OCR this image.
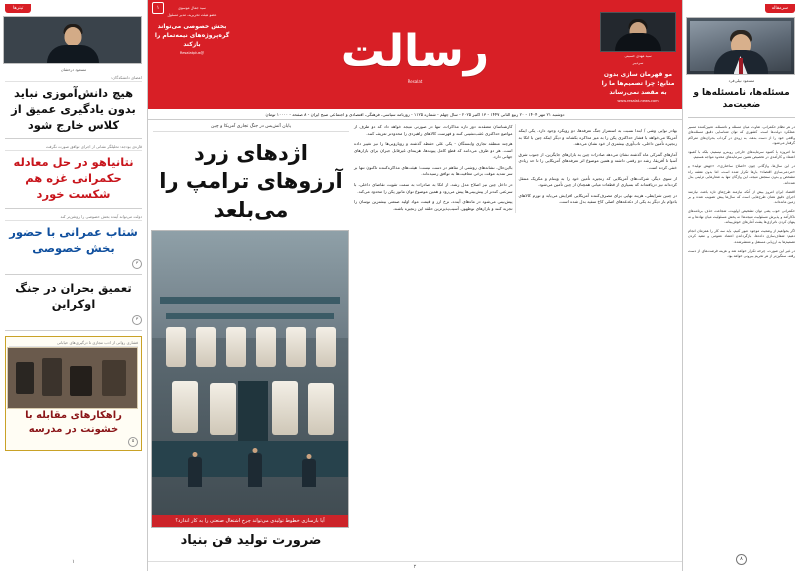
تیترها
مسعود درخشان
اعضای دانشکدگان:
هیچ دانش‌آموزی نباید بدون یادگیری عمیق از کلاس خارج شود
قاره‌ی بودجه: تحلیلگر نشانی از اجرای توافق صورت نگرفت
نتانیاهو در حل معادله حکمرانی غزه هم شکست خورد
دولت می‌تواند آینده بخش خصوصی را روشن‌تر کند
شتاب عمرانی با حضور بخش خصوصی
۳
تعمیق بحران در جنگ اوکراین
۳
فشاری روانی از ادب مجازی تا درگیری‌های خیابانی
راهکارهای مقابله با خشونت در مدرسه
۵
۱
سید جمال موسوی
عضو هیئت تحریریه، مدیر مسئول
بخش خصوصی می‌تواند گره‌پروژه‌های نیمه‌تمام را بازکند
@Resalatplus	رسالت
Resalat
سید مهدی حسینی
سردبیر
مو قهرمان سازی بدون منابع: چرا تصمیم‌ها ما را به مقصد نمی‌رساند
www.resalat-news.com
۱
دوشنبه ۲۱ مهر ۱۴۰۴ - ۲۰ ربیع الثانی ۱۴۴۷ - ۱۳ اکتبر ۲۰۲۵ - سال چهلم - شماره ۱۱۲۵ - روزنامه سیاسی، فرهنگی، اقتصادی و اجتماعی صبح ایران - ۸ صفحه - ۱۰۰۰۰ تومان
پایان آتش‌بس در جنگ تجاری آمریکا و چین
اژدهای زرد آرزوهای ترامپ را می‌بلعد
آیا بازسازی خطوط تولیدی می‌تواند چرخ اشتغال صنعتی را به کار اندازد؟
ضرورت تولید فن بنیاد

بهادر نوایی وشی / ابتدا نسبت به استمرار جنگ تعرفه‌ها، دو رویکرد وجود دارد. یکی اینکه آمریکا می‌خواهد با فشار حداکثری پکن را به میز مذاکره بکشاند و دیگر اینکه چین با اتکا به زنجیره تأمین داخلی، تاب‌آوری بیشتری از خود نشان می‌دهد.

آمارهای گمرکی ماه گذشته نشان می‌دهد صادرات چین به بازارهای جایگزین، از جنوب شرق آسیا تا آفریقا، رشد دو رقمی داشته و همین موضوع اثر تعرفه‌های آمریکایی را تا حد زیادی خنثی کرده است.

از سوی دیگر، شرکت‌های آمریکایی که زنجیره تأمین خود را به ویتنام و مکزیک منتقل کرده‌اند نیز دریافته‌اند که بسیاری از قطعات میانی همچنان از چین تأمین می‌شود.

در چنین شرایطی، هزینه نهایی برای مصرف‌کننده آمریکایی افزایش می‌یابد و تورم کالاهای بادوام بار دیگر به یکی از دغدغه‌های اصلی کاخ سفید بدل شده است.

کارشناسان معتقدند دور تازه مذاکرات، تنها در صورتی نتیجه خواهد داد که دو طرف از مواضع حداکثری عقب‌نشینی کنند و فهرست کالاهای راهبردی را محدودتر تعریف کنند.

هرچند منطقه تجاری وابستگان - یکی علی حفظه گذشته و رویارویی‌ها را نیز تغییر داده است. هر دو طرف می‌دانند که قطع کامل پیوندها، هزینه‌ای غیرقابل جبران برای بازارهای جهانی دارد.

بااین‌حال، نشانه‌های روشنی از تفاهم در دست نیست؛ هیئت‌های مذاکره‌کننده تاکنون تنها بر سر تمدید موقت برخی معافیت‌ها به توافق رسیده‌اند.

در داخل چین نیز اصلاح مدل رشد، از اتکا به صادرات به سمت تقویت تقاضای داخلی، با سرعتی کندتر از پیش‌بینی‌ها پیش می‌رود و همین موضوع توان مانور پکن را محدود می‌کند.

پیش‌بینی می‌شود در ماه‌های آینده، نرخ ارز و قیمت مواد اولیه صنعتی بیشترین نوسان را تجربه کنند و بازارهای نوظهور، آسیب‌پذیرترین حلقه این زنجیره باشند.

۲
سرمقاله
مسعود نیلی‌فرد
مسئله‌ها، نامسئله‌ها و ضعیت‌مد

در هر نظام حکمرانی، تفاوت میان مسئله و نامسئله، تعیین‌کننده مسیر عملکرد دولت‌ها است. کشوری که توان شناسایی دقیق مسئله‌های واقعی خود را از دست بدهد، به زودی در گرداب بحران‌های متراکم گرفتار می‌شود.

ما امروزه با کمبود سرمایه‌های خارجی روبه‌رو نیستیم، بلکه با کمبود اعتماد و کارآمدی در تخصیص همین سرمایه‌های محدود مواجه هستیم.

در این سال‌ها، واژگانی چون «اصلاح ساختاری»، «جهش تولید» و «مردمی‌سازی اقتصاد» بارها تکرار شده است، اما بدون نقشه راه مشخص و بدون سنجش نتیجه، این واژگان تنها به شعارهایی تزئینی بدل شده‌اند.

اقتصاد ایران امروز بیش از آنکه نیازمند طرح‌های تازه باشد، نیازمند اجرای دقیق همان طرح‌هایی است که سال‌ها پیش تصویب شده و بر زمین مانده‌اند.

حکمرانی خوب یعنی توان تشخیص اولویت، شجاعت حذف برنامه‌های ناکارآمد و پذیرش مسئولیت نتیجه‌ها؛ نه پخش مسئولیت میان نهادها و نه پنهان کردن ناترازی‌ها پشت آمارهای خوش‌بینانه.

اگر بخواهیم از وضعیت موجود عبور کنیم، باید سه کار را همزمان انجام دهیم: شفاف‌سازی داده‌ها، بازگرداندن اعتماد عمومی و مقید کردن تصمیم‌ها به ارزیابی مستقل و منتشرشده.

در غیر این صورت، چرخه تکرار خواهد شد و هزینه فرصت‌های از دست رفته، سنگین‌تر از هر تحریم بیرونی خواهد بود.

۸
